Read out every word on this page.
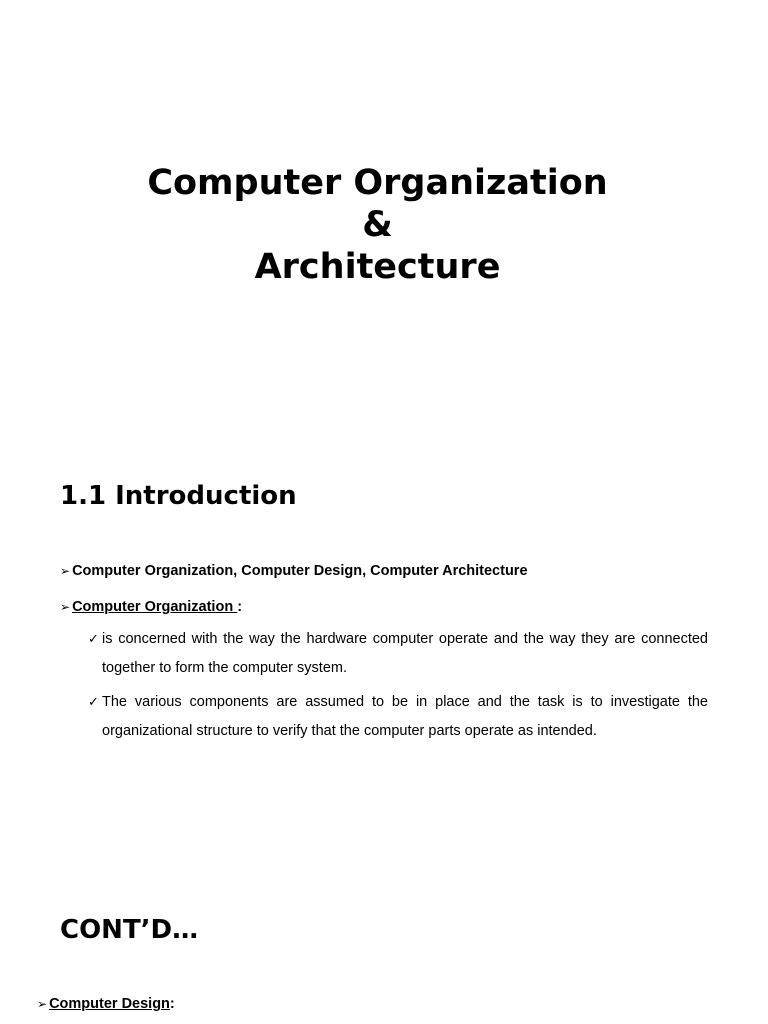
Computer Organization
&
Architecture
1.1 Introduction
➢ Computer Organization, Computer Design, Computer Architecture
➢ Computer Organization :
✓ is concerned with the way the hardware computer operate and the way they are connected together to form the computer system.
✓ The various components are assumed to be in place and the task is to investigate the organizational structure to verify that the computer parts operate as intended.
CONT’D…
➢ Computer Design:
